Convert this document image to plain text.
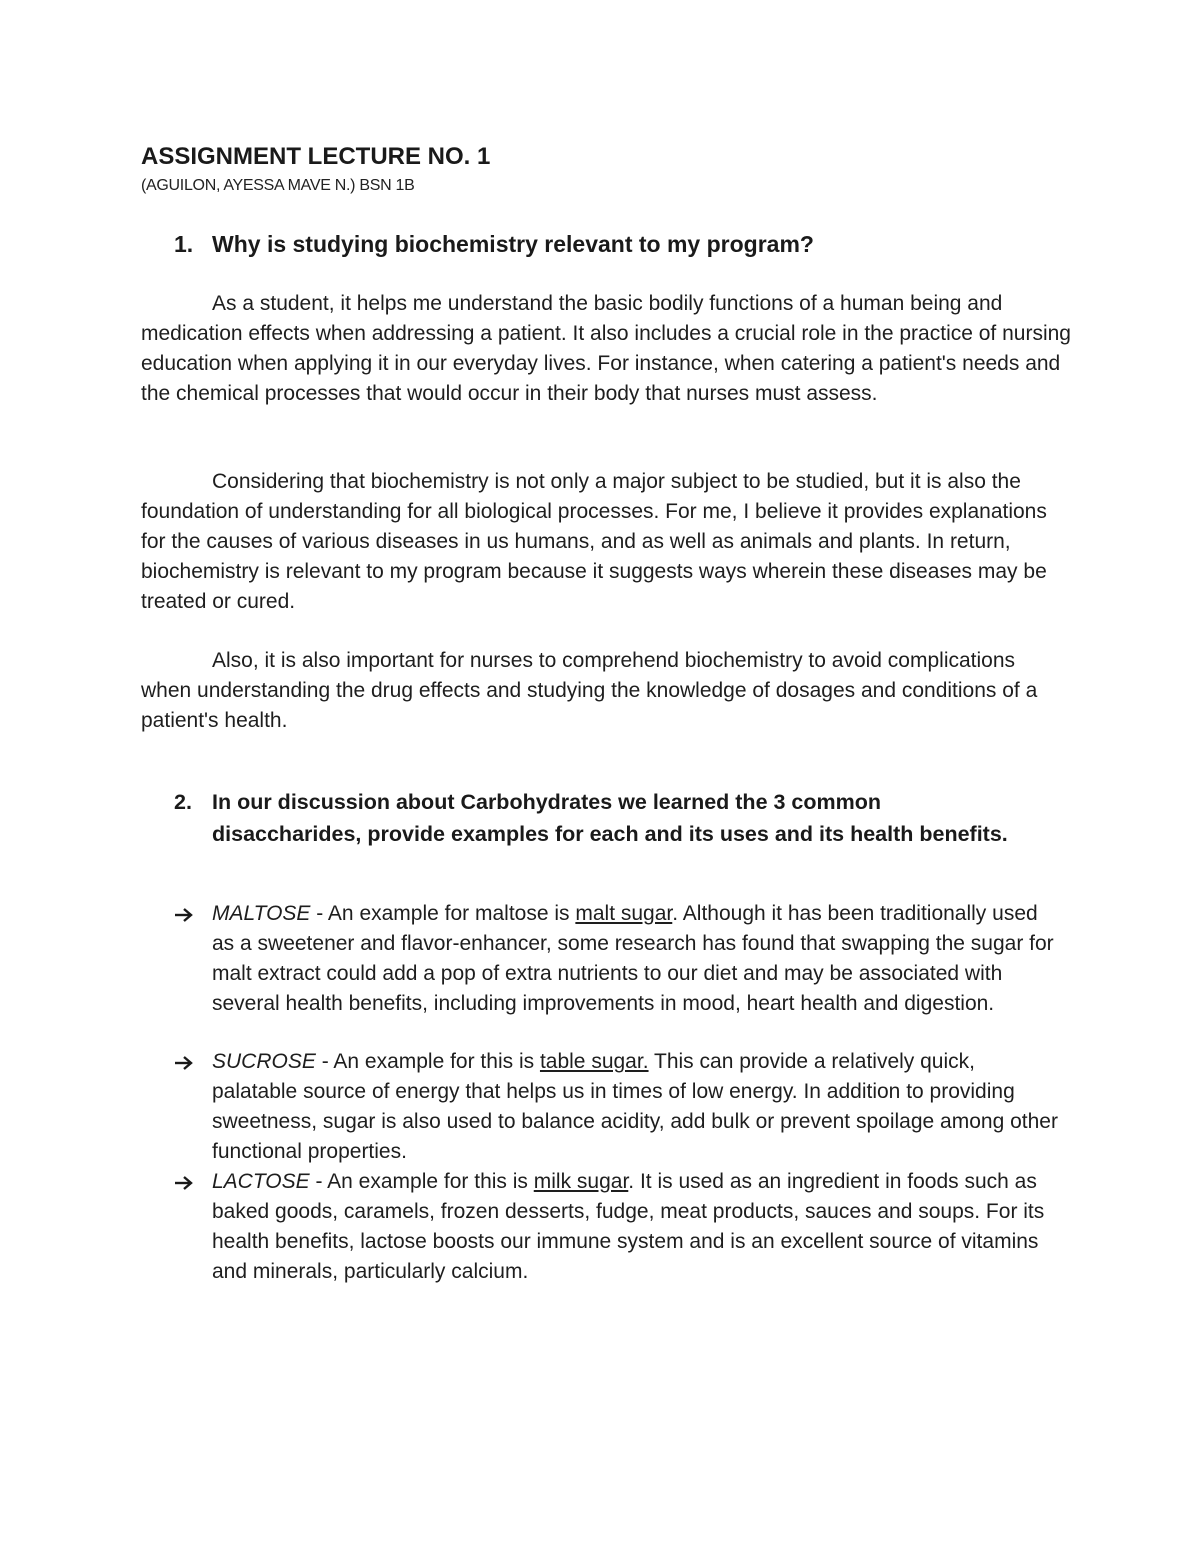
ASSIGNMENT LECTURE NO. 1
(AGUILON, AYESSA MAVE N.) BSN 1B
1. Why is studying biochemistry relevant to my program?

As a student, it helps me understand the basic bodily functions of a human being and medication effects when addressing a patient. It also includes a crucial role in the practice of nursing education when applying it in our everyday lives. For instance, when catering a patient's needs and the chemical processes that would occur in their body that nurses must assess.

Considering that biochemistry is not only a major subject to be studied, but it is also the foundation of understanding for all biological processes. For me, I believe it provides explanations for the causes of various diseases in us humans, and as well as animals and plants. In return, biochemistry is relevant to my program because it suggests ways wherein these diseases may be treated or cured.

Also, it is also important for nurses to comprehend biochemistry to avoid complications when understanding the drug effects and studying the knowledge of dosages and conditions of a patient's health.

2. In our discussion about Carbohydrates we learned the 3 common disaccharides, provide examples for each and its uses and its health benefits.
MALTOSE - An example for maltose is malt sugar. Although it has been traditionally used as a sweetener and flavor-enhancer, some research has found that swapping the sugar for malt extract could add a pop of extra nutrients to our diet and may be associated with several health benefits, including improvements in mood, heart health and digestion.
SUCROSE - An example for this is table sugar. This can provide a relatively quick, palatable source of energy that helps us in times of low energy. In addition to providing sweetness, sugar is also used to balance acidity, add bulk or prevent spoilage among other functional properties.
LACTOSE - An example for this is milk sugar. It is used as an ingredient in foods such as baked goods, caramels, frozen desserts, fudge, meat products, sauces and soups. For its health benefits, lactose boosts our immune system and is an excellent source of vitamins and minerals, particularly calcium.
